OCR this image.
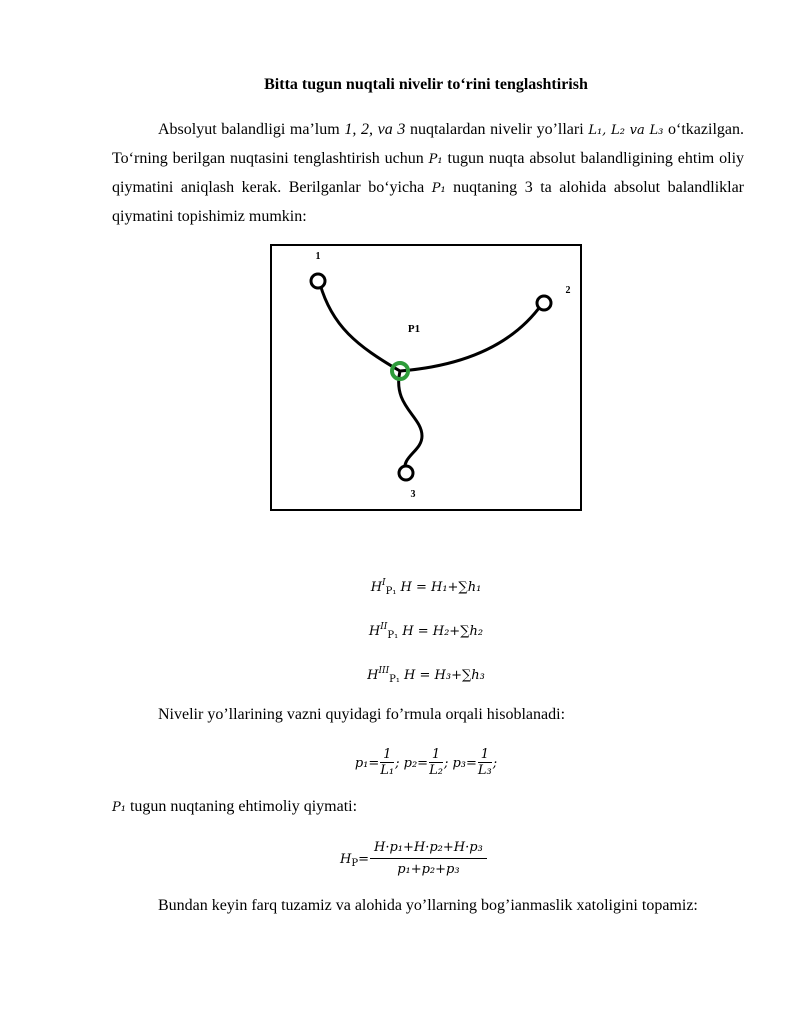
Bitta tugun nuqtali nivelir to‘rini tenglashtirish
Absolyut balandligi ma’lum 1, 2, va 3 nuqtalardan nivelir yo’llari L₁, L₂ va L₃ o‘tkazilgan. To‘rning berilgan nuqtasini tenglashtirish uchun P₁ tugun nuqta absolut balandligining ehtim oliy qiymatini aniqlash kerak. Berilganlar bo‘yicha P₁ nuqtaning 3 ta alohida absolut balandliklar qiymatini topishimiz mumkin:
1
2
3
P1
$H^I_{P_1}$ H = H₁+∑h₁
$H^{II}_{P_1}$ H = H₂+∑h₂
$H^{III}_{P_1}$ H = H₃+∑h₃
Nivelir yo’llarining vazni quyidagi fo’rmula orqali hisoblanadi:
$p_1= \frac{1}{\text{L₁}}$ ; $p_2= \frac{1}{\text{L₂}}$ ; $p_3= \frac{1}{\text{L₃}}$ ;
P₁ tugun nuqtaning ehtimoliy qiymati:
$H_P= \frac{\text{H·p₁+H·p₂+H·p₃}}{\text{p₁+p₂+p₃}}$
Bundan keyin farq tuzamiz va alohida yo’llarning bog’ianmaslik xatoligini topamiz:
